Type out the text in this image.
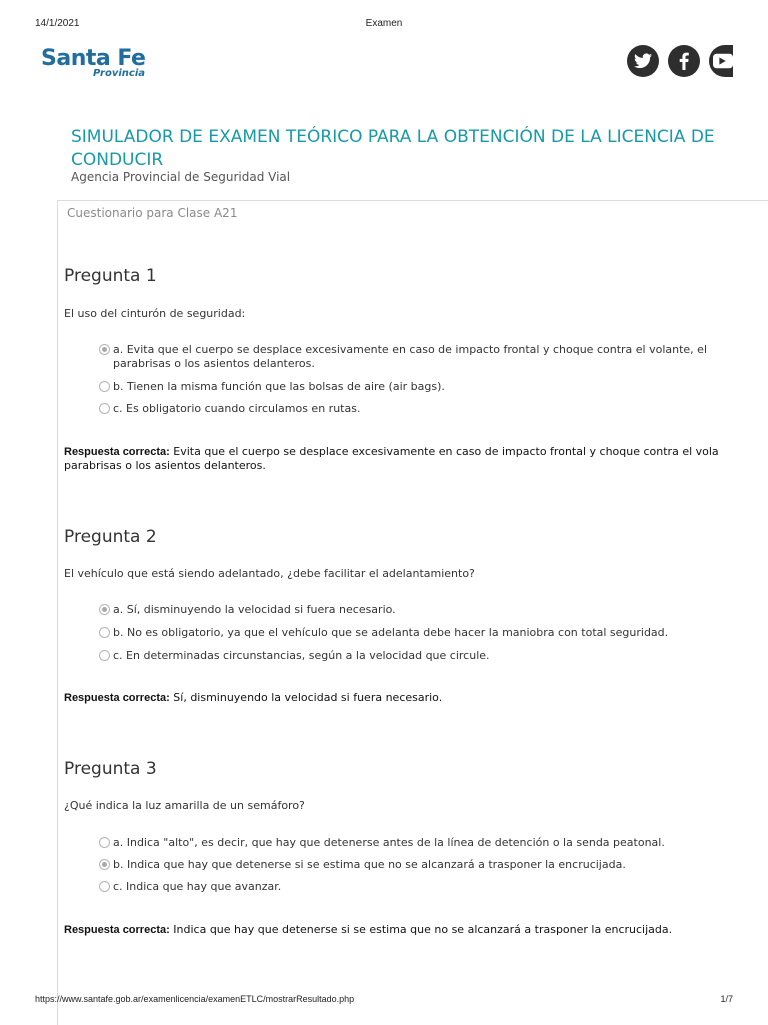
14/1/2021	Examen
Santa Fe
Provincia
SIMULADOR DE EXAMEN TEÓRICO PARA LA OBTENCIÓN DE LA LICENCIA DE CONDUCIR
Agencia Provincial de Seguridad Vial
Cuestionario para Clase A21
Pregunta 1
El uso del cinturón de seguridad:
a. Evita que el cuerpo se desplace excesivamente en caso de impacto frontal y choque contra el volante, el parabrisas o los asientos delanteros.
b. Tienen la misma función que las bolsas de aire (air bags).
c. Es obligatorio cuando circulamos en rutas.
Respuesta correcta: Evita que el cuerpo se desplace excesivamente en caso de impacto frontal y choque contra el vola
parabrisas o los asientos delanteros.
Pregunta 2
El vehículo que está siendo adelantado, ¿debe facilitar el adelantamiento?
a. Sí, disminuyendo la velocidad si fuera necesario.
b. No es obligatorio, ya que el vehículo que se adelanta debe hacer la maniobra con total seguridad.
c. En determinadas circunstancias, según a la velocidad que circule.
Respuesta correcta: Sí, disminuyendo la velocidad si fuera necesario.
Pregunta 3
¿Qué indica la luz amarilla de un semáforo?
a. Indica "alto", es decir, que hay que detenerse antes de la línea de detención o la senda peatonal.
b. Indica que hay que detenerse si se estima que no se alcanzará a trasponer la encrucijada.
c. Indica que hay que avanzar.
Respuesta correcta: Indica que hay que detenerse si se estima que no se alcanzará a trasponer la encrucijada.
https://www.santafe.gob.ar/examenlicencia/examenETLC/mostrarResultado.php	1/7
